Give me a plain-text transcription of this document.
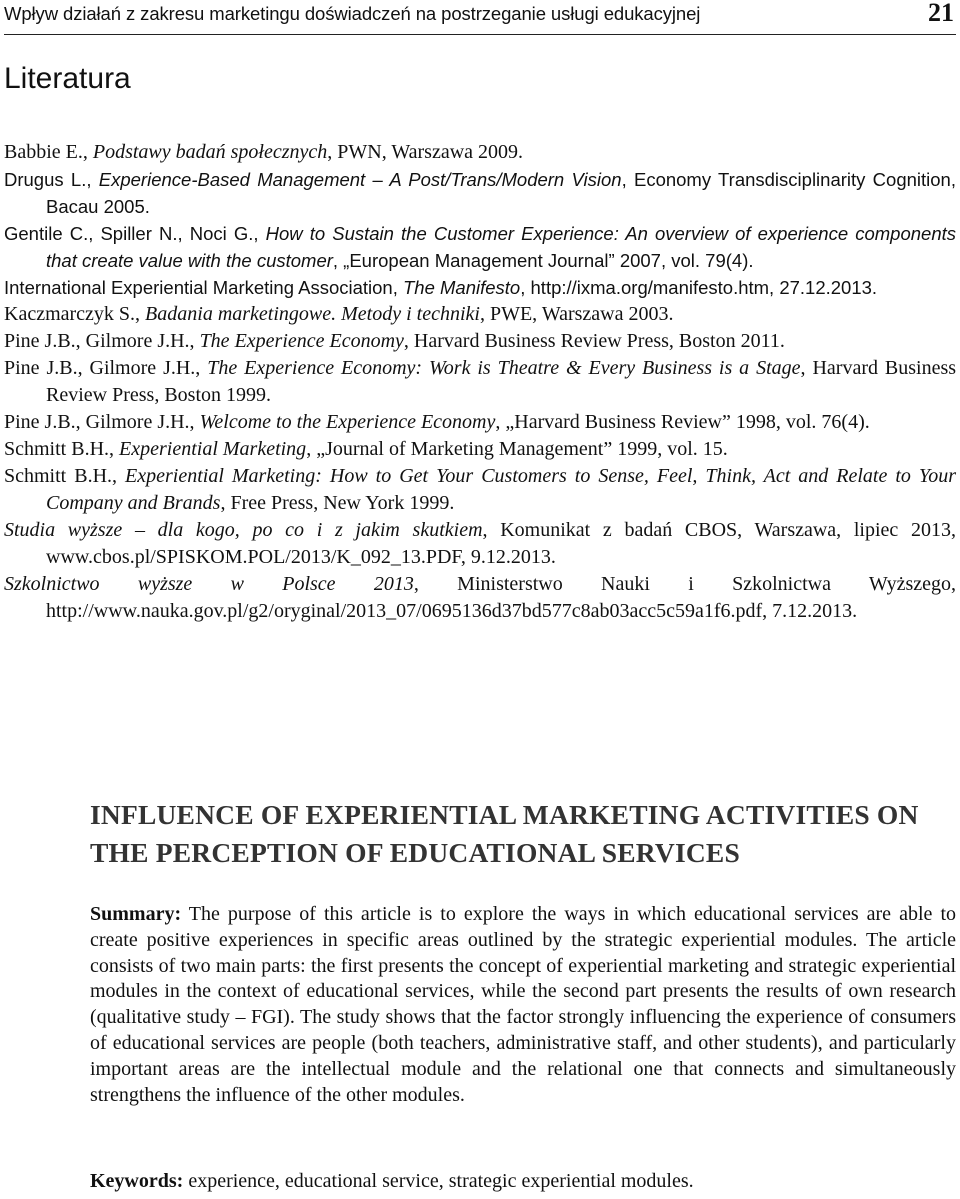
Wpływ działań z zakresu marketingu doświadczeń na postrzeganie usługi edukacyjnej	21
Literatura

Babbie E., Podstawy badań społecznych, PWN, Warszawa 2009.

Drugus L., Experience-Based Management – A Post/Trans/Modern Vision, Economy Transdisciplinarity Cognition, Bacau 2005.

Gentile C., Spiller N., Noci G., How to Sustain the Customer Experience: An overview of experience components that create value with the customer, „European Management Journal” 2007, vol. 79(4).

International Experiential Marketing Association, The Manifesto, http://ixma.org/manifesto.htm, 27.12.2013.

Kaczmarczyk S., Badania marketingowe. Metody i techniki, PWE, Warszawa 2003.

Pine J.B., Gilmore J.H., The Experience Economy, Harvard Business Review Press, Boston 2011.

Pine J.B., Gilmore J.H., The Experience Economy: Work is Theatre & Every Business is a Stage, Harvard Business Review Press, Boston 1999.

Pine J.B., Gilmore J.H., Welcome to the Experience Economy, „Harvard Business Review” 1998, vol. 76(4).

Schmitt B.H., Experiential Marketing, „Journal of Marketing Management” 1999, vol. 15.

Schmitt B.H., Experiential Marketing: How to Get Your Customers to Sense, Feel, Think, Act and Relate to Your Company and Brands, Free Press, New York 1999.

Studia wyższe – dla kogo, po co i z jakim skutkiem, Komunikat z badań CBOS, Warszawa, lipiec 2013, www.cbos.pl/SPISKOM.POL/2013/K_092_13.PDF, 9.12.2013.

Szkolnictwo wyższe w Polsce 2013, Ministerstwo Nauki i Szkolnictwa Wyższego, http://www.nauka.gov.pl/g2/oryginal/2013_07/0695136d37bd577c8ab03acc5c59a1f6.pdf, 7.12.2013.

INFLUENCE OF EXPERIENTIAL MARKETING ACTIVITIES ON THE PERCEPTION OF EDUCATIONAL SERVICES

Summary: The purpose of this article is to explore the ways in which educational services are able to create positive experiences in specific areas outlined by the strategic experiential modules. The article consists of two main parts: the first presents the concept of experiential marketing and strategic experiential modules in the context of educational services, while the second part presents the results of own research (qualitative study – FGI). The study shows that the factor strongly influencing the experience of consumers of educational services are people (both teachers, administrative staff, and other students), and particularly important areas are the intellectual module and the relational one that connects and simultaneously strengthens the influence of the other modules.

Keywords: experience, educational service, strategic experiential modules.
